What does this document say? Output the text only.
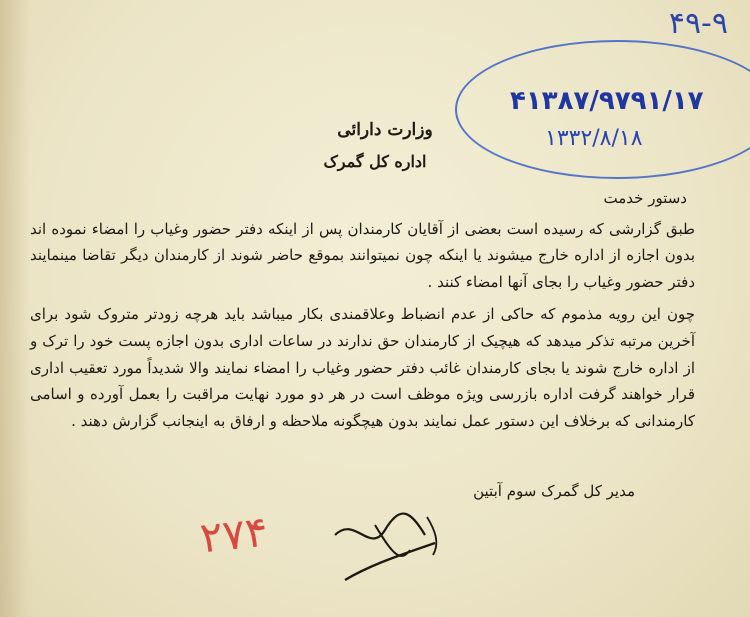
۴۹-۹
۴۱۳۸۷/۹۷۹۱/۱۷
۱۳۳۲/۸/۱۸
وزارت دارائی
اداره کل گمرک
دستور خدمت

طبق گزارشی که رسیده است بعضی از آقایان کارمندان پس از اینکه دفتر حضور وغیاب را امضاء نموده اند بدون اجازه از اداره خارج میشوند یا اینکه چون نمیتوانند بموقع حاضر شوند از کارمندان دیگر تقاضا مینمایند دفتر حضور وغیاب را بجای آنها امضاء کنند .

چون این رویه مذموم که حاکی از عدم انضباط وعلاقمندی بکار میباشد باید هرچه زودتر متروک شود برای آخرین مرتبه تذکر میدهد که هیچیک از کارمندان حق ندارند در ساعات اداری بدون اجازه پست خود را ترک و از اداره خارج شوند یا بجای کارمندان غائب دفتر حضور وغیاب را امضاء نمایند والا شدیداً مورد تعقیب اداری قرار خواهند گرفت اداره بازرسی ویژه موظف است در هر دو مورد نهایت مراقبت را بعمل آورده و اسامی کارمندانی که برخلاف این دستور عمل نمایند بدون هیچگونه ملاحظه و ارفاق به اینجانب گزارش دهند .

مدیر کل گمرک سوم آبتین
۲۷۴
